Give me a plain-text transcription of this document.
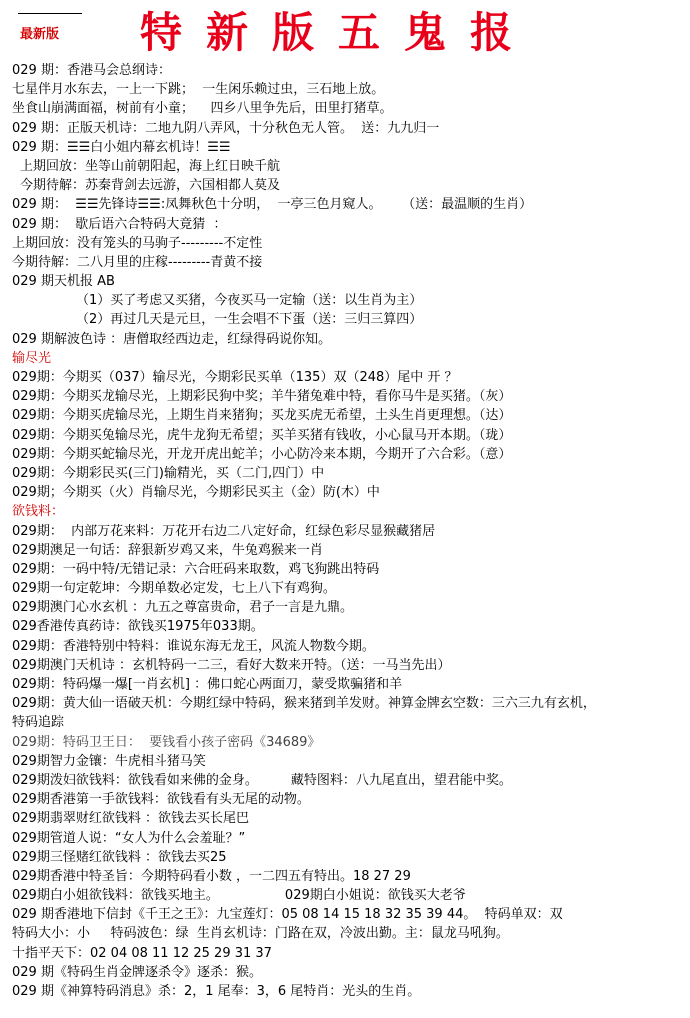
最新版 特新版五鬼报
029 期：香港马会总纲诗：
七星伴月水东去，一上一下跳；  一生闲乐赖过虫，三石地上放。
坐食山崩满面福，树前有小童；    四乡八里争先后，田里打猪草。
029 期：正版天机诗：二地九阴八弄风，十分秋色无人管。  送：九九归一
029 期：☰☰白小姐内幕玄机诗！☰☰
上期回放：坐等山前朝阳起，海上红日映千航
今期待解：苏秦背剑去远游，六国相都人莫及
029 期：  ☰☰先锋诗☰☰:凤舞秋色十分明，  一亭三色月窥人。     （送：最温顺的生肖）
029 期：  歇后语六合特码大竟猜  ：
上期回放：没有笼头的马驹子---------不定性
今期待解：二八月里的庄稼---------青黄不接
029 期天机报 AB
（1）买了考虑又买猪，今夜买马一定输（送：以生肖为主）
（2）再过几天是元旦，一生会唱不下蛋（送：三归三算四）
029 期解波色诗 ：唐僧取经西边走，红绿得码说你知。
输尽光
029期：今期买（037）输尽光，今期彩民买单（135）双（248）尾中 开 ？
029期：今期买龙输尽光，上期彩民狗中奖；羊牛猪兔难中特，看你马牛是买猪。（灰）
029期：今期买虎输尽光，上期生肖来猪狗；买龙买虎无希望，土头生肖更理想。（达）
029期：今期买兔输尽光，虎牛龙狗无希望；买羊买猪有钱收，小心鼠马开本期。（珑）
029期：今期买蛇输尽光，开龙开虎出蛇羊；小心防冷来本期，今期开了六合彩。（意）
029期：今期彩民买(三门)输精光，买（二门,四门）中
029期；今期买（火）肖输尽光，今期彩民买主（金）防(木）中
欲钱料：
029期：  内部万花来料：万花开右边二八定好命，红绿色彩尽显猴藏猪居
029期澳足一句话：辞狠新岁鸡又来，牛兔鸡猴来一肖
029期：一码中特/无错记录：六合旺码来取数，鸡飞狗跳出特码
029期一句定乾坤：今期单数必定发，七上八下有鸡狗。
029期澳门心水玄机 ：九五之尊富贵命，君子一言是九鼎。
029香港传真药诗：欲钱买1975年033期。
029期：香港特别中特料：谁说东海无龙王，风流人物数今期。
029期澳门天机诗 ：玄机特码一二三，看好大数来开特。（送：一马当先出）
029期：特码爆一爆[一肖玄机] ：佛口蛇心两面刀，蒙受欺骗猪和羊
029期：黄大仙一语破天机：今期红绿中特码，猴来猪到羊发财。神算金牌玄空数：三六三九有玄机，
特码追踪
029期：特码卫王日：  要钱看小孩子密码《34689》
029期智力金镶：牛虎相斗猪马笑
029期泼妇欲钱料：欲钱看如来佛的金身。        藏特图料：八九尾直出，望君能中奖。
029期香港第一手欲钱料：欲钱看有头无尾的动物。
029期翡翠财红欲钱料 ：欲钱去买长尾巴
029期管道人说：“女人为什么会羞耻？”
029期三怪赌红欲钱料 ：欲钱去买25
029期香港中特圣旨：今期特码看小数 ，一二四五有特出。18 27 29
029期白小姐欲钱料：欲钱买地主。                029期白小姐说：欲钱买大老爷
029 期香港地下信封《千王之王》：九宝莲灯：05 08 14 15 18 32 35 39 44。  特码单双：双
特码大小：小     特码波色：绿  生肖玄机诗：门路在双，冷波出勤。主：鼠龙马吼狗。
十指平天下：02 04 08 11 12 25 29 31 37
029 期《特码生肖金牌逐杀令》逐杀：猴。
029 期《神算特码消息》杀：2，1 尾奉：3，6 尾特肖：光头的生肖。
